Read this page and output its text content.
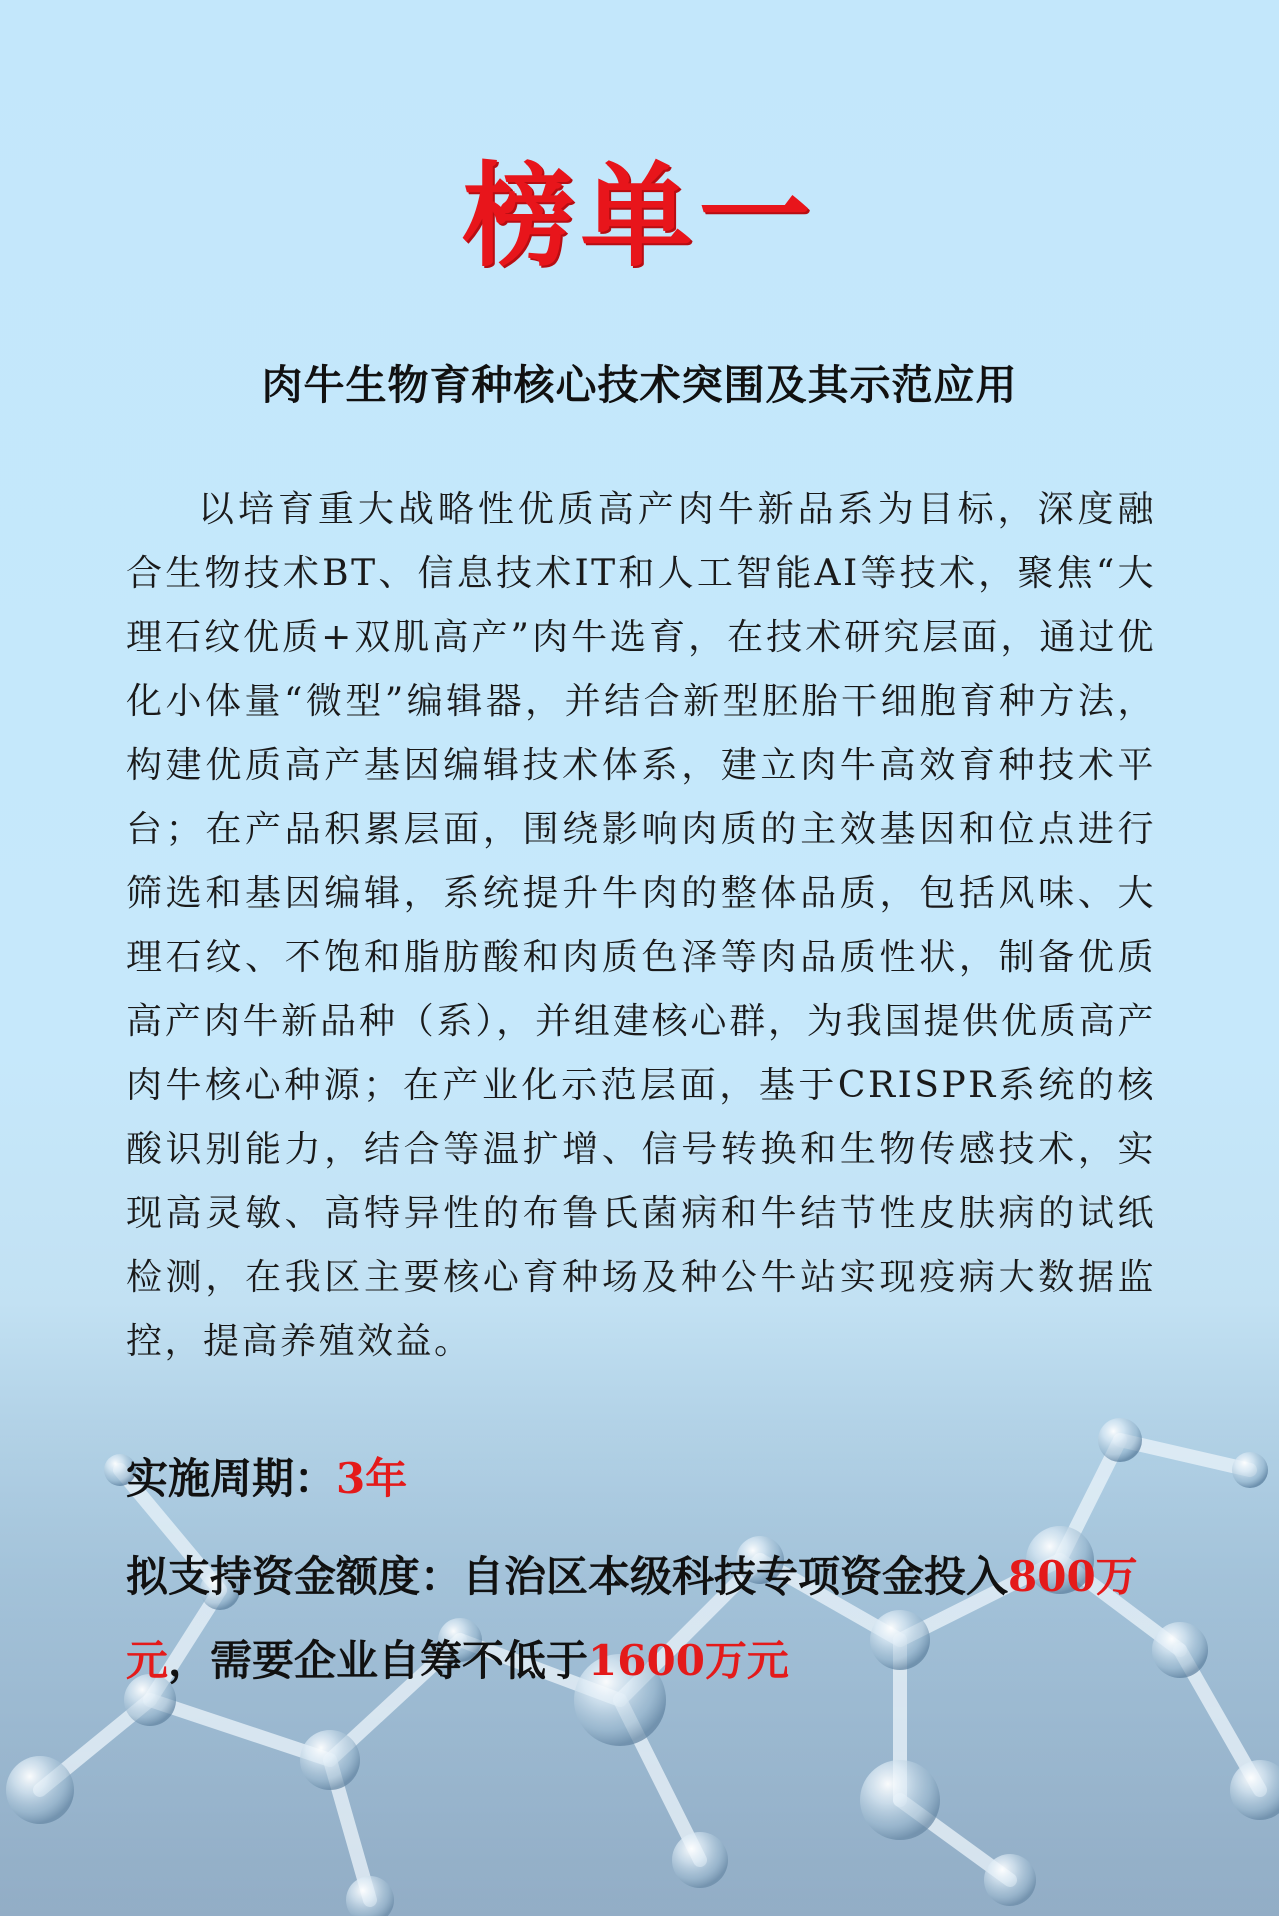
榜单一
肉牛生物育种核心技术突围及其示范应用

以培育重大战略性优质高产肉牛新品系为目标，深度融合生物技术BT、信息技术IT和人工智能AI等技术，聚焦“大理石纹优质+双肌高产”肉牛选育，在技术研究层面，通过优化小体量“微型”编辑器，并结合新型胚胎干细胞育种方法，构建优质高产基因编辑技术体系，建立肉牛高效育种技术平台；在产品积累层面，围绕影响肉质的主效基因和位点进行筛选和基因编辑，系统提升牛肉的整体品质，包括风味、大理石纹、不饱和脂肪酸和肉质色泽等肉品质性状，制备优质高产肉牛新品种（系），并组建核心群，为我国提供优质高产肉牛核心种源；在产业化示范层面，基于CRISPR系统的核酸识别能力，结合等温扩增、信号转换和生物传感技术，实现高灵敏、高特异性的布鲁氏菌病和牛结节性皮肤病的试纸检测，在我区主要核心育种场及种公牛站实现疫病大数据监控，提高养殖效益。

实施周期：3年
拟支持资金额度：自治区本级科技专项资金投入800万元，需要企业自筹不低于1600万元
